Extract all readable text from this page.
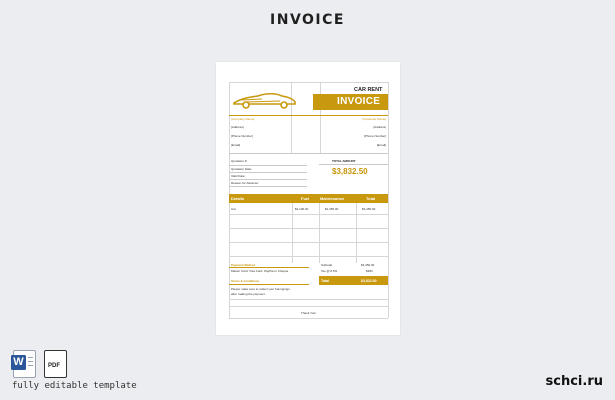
INVOICE
CAR RENT
INVOICE
[Company Name]	[Customer Name]
[Address]	[Address]
[Phone Number]	[Phone Number]
[Email]	[Email]
Quotation #:
Quotation Date:
Valid Date:
Reason for Advance:
TOTAL AMOUNT
$3,832.50
Details	Fuel	Maintenance	Total
Car	$2,100.00	$1,350.00	$3,450.00
Payment Method
Master Card, Visa Card, PayPal or Cheque
Subtotal	$3,450.00
Tax @ 8.5%	$383
Total	$3,832.50
Terms & Conditions
Please make sure to collect your belongings
after making the payment.
Thank You!
W	PDF
fully editable template	schci.ru
